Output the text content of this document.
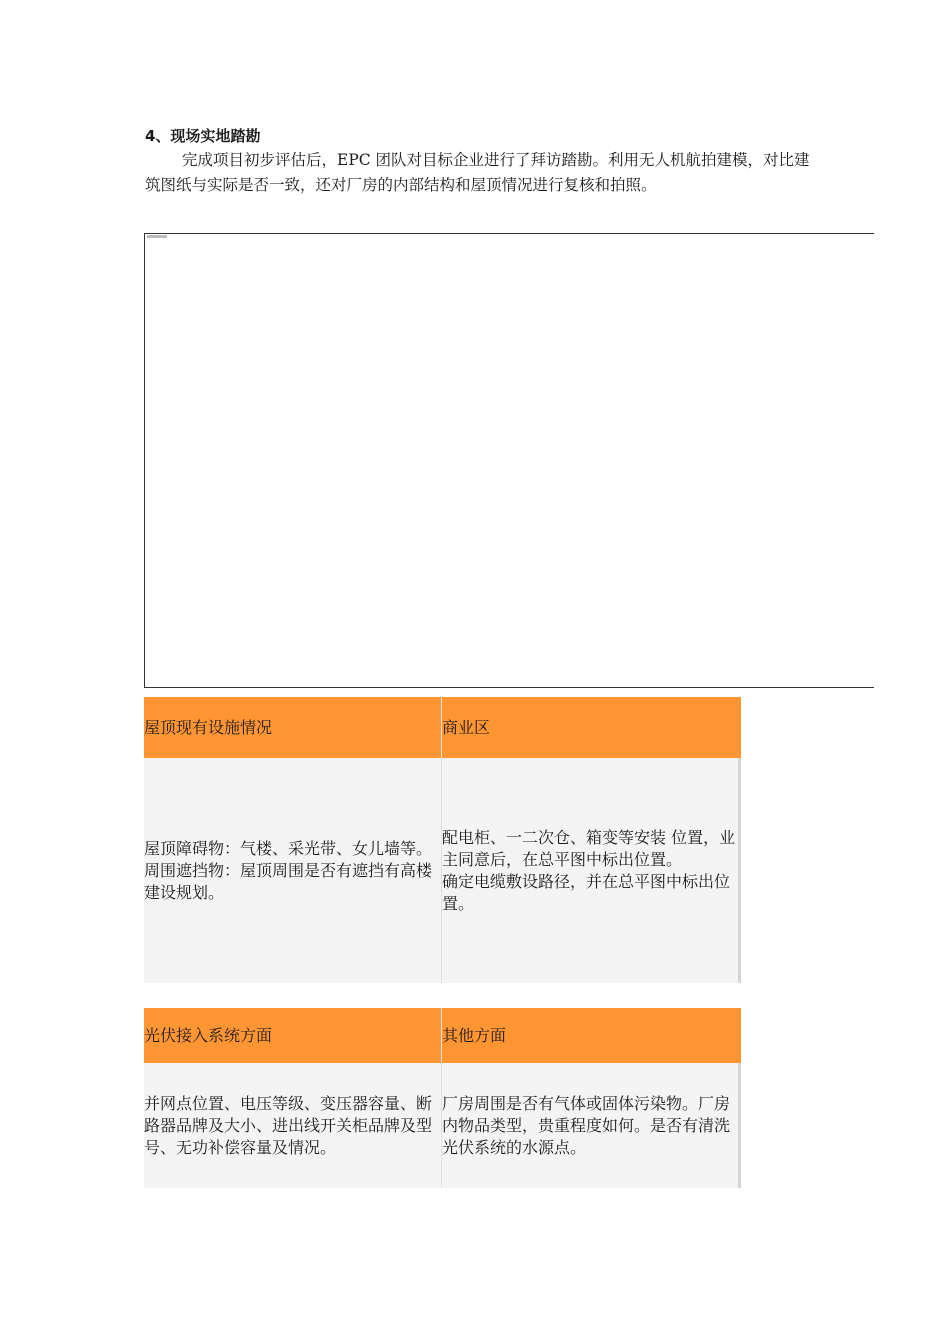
4、现场实地踏勘
完成项目初步评估后，EPC 团队对目标企业进行了拜访踏勘。利用无人机航拍建模，对比建筑图纸与实际是否一致，还对厂房的内部结构和屋顶情况进行复核和拍照。
屋顶现有设施情况	商业区

屋顶障碍物：气楼、采光带、女儿墙等。

周围遮挡物：屋顶周围是否有遮挡有高楼建设规划。

配电柜、一二次仓、箱变等安装 位置，业主同意后，在总平图中标出位置。

确定电缆敷设路径，并在总平图中标出位置。

光伏接入系统方面	其他方面

并网点位置、电压等级、变压器容量、断路器品牌及大小、进出线开关柜品牌及型号、无功补偿容量及情况。

厂房周围是否有气体或固体污染物。厂房内物品类型，贵重程度如何。是否有清洗光伏系统的水源点。
